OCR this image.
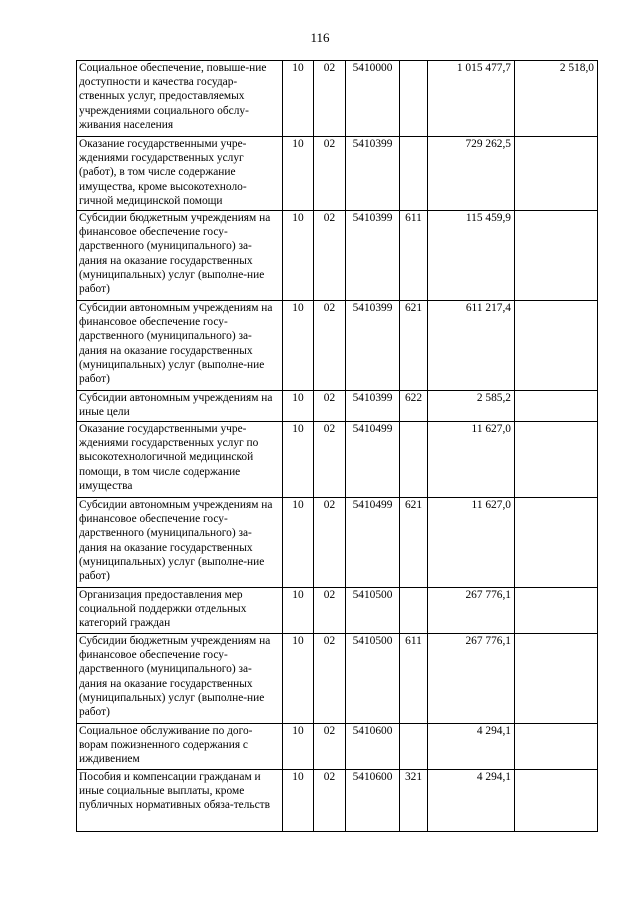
116
Социальное обеспечение, повыше-ние доступности и качества государ-ственных услуг, предоставляемых учреждениями социального обслу-живания населения	10	02	5410000		1 015 477,7	2 518,0
Оказание государственными учре-ждениями государственных услуг (работ), в том числе содержание имущества, кроме высокотехноло-гичной медицинской помощи	10	02	5410399		729 262,5	
Субсидии бюджетным учреждениям на финансовое обеспечение госу-дарственного (муниципального) за-дания на оказание государственных (муниципальных) услуг (выполне-ние работ)	10	02	5410399	611	115 459,9	
Субсидии автономным учреждениям на финансовое обеспечение госу-дарственного (муниципального) за-дания на оказание государственных (муниципальных) услуг (выполне-ние работ)	10	02	5410399	621	611 217,4	
Субсидии автономным учреждениям на иные цели	10	02	5410399	622	2 585,2	
Оказание государственными учре-ждениями государственных услуг по высокотехнологичной медицинской помощи, в том числе содержание имущества	10	02	5410499		11 627,0	
Субсидии автономным учреждениям на финансовое обеспечение госу-дарственного (муниципального) за-дания на оказание государственных (муниципальных) услуг (выполне-ние работ)	10	02	5410499	621	11 627,0	
Организация предоставления мер социальной поддержки отдельных категорий граждан	10	02	5410500		267 776,1	
Субсидии бюджетным учреждениям на финансовое обеспечение госу-дарственного (муниципального) за-дания на оказание государственных (муниципальных) услуг (выполне-ние работ)	10	02	5410500	611	267 776,1	
Социальное обслуживание по дого-ворам пожизненного содержания с иждивением	10	02	5410600		4 294,1	
Пособия и компенсации гражданам и иные социальные выплаты, кроме публичных нормативных обяза-тельств	10	02	5410600	321	4 294,1	
